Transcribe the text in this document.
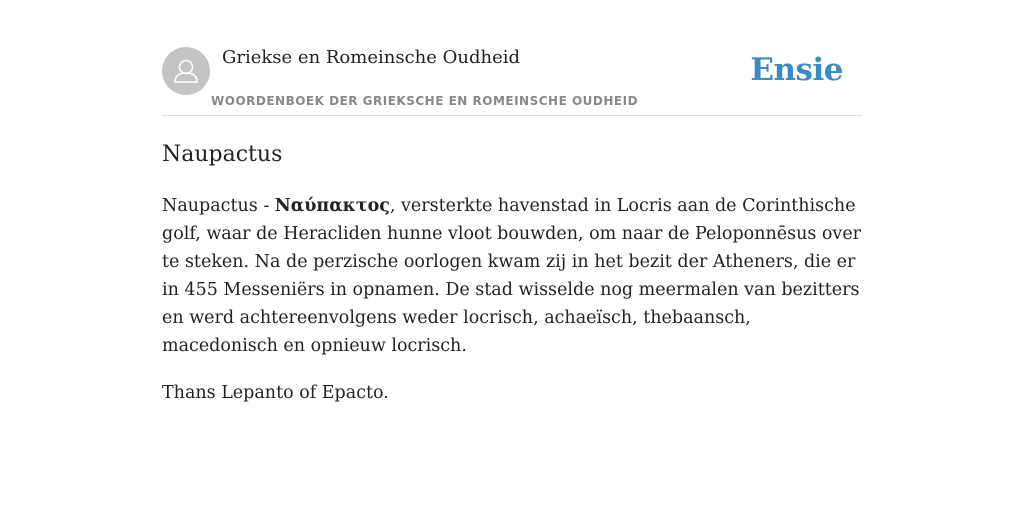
Griekse en Romeinsche Oudheid
WOORDENBOEK DER GRIEKSCHE EN ROMEINSCHE OUDHEID
Ensie
Naupactus

Naupactus - Ναύπακτος, versterkte havenstad in Locris aan de Corinthische golf, waar de Heracliden hunne vloot bouwden, om naar de Peloponnēsus over te steken. Na de perzische oorlogen kwam zij in het bezit der Atheners, die er in 455 Messeniërs in opnamen. De stad wisselde nog meermalen van bezitters en werd achtereenvolgens weder locrisch, achaeïsch, thebaansch, macedonisch en opnieuw locrisch.

Thans Lepanto of Epacto.
